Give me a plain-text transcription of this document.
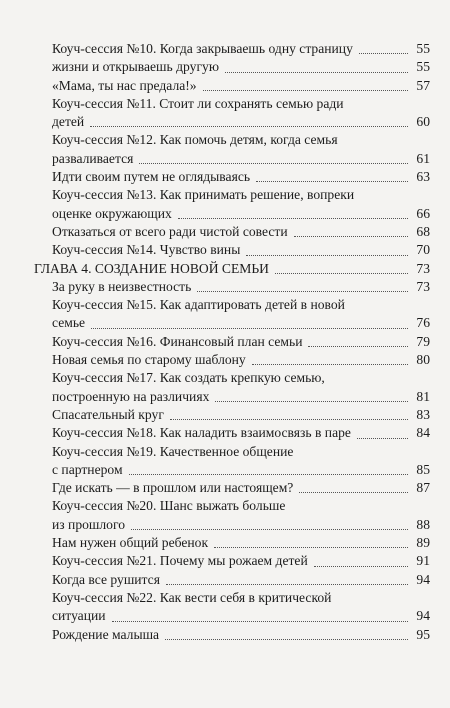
Коуч-сессия №10. Когда закрываешь одну страницу	55
жизни и открываешь другую	55
«Мама, ты нас предала!»	57
Коуч-сессия №11. Стоит ли сохранять семью ради
детей	60
Коуч-сессия №12. Как помочь детям, когда семья
разваливается	61
Идти своим путем не оглядываясь	63
Коуч-сессия №13. Как принимать решение, вопреки
оценке окружающих	66
Отказаться от всего ради чистой совести	68
Коуч-сессия №14. Чувство вины	70
ГЛАВА 4. СОЗДАНИЕ НОВОЙ СЕМЬИ	73
За руку в неизвестность	73
Коуч-сессия №15. Как адаптировать детей в новой
семье	76
Коуч-сессия №16. Финансовый план семьи	79
Новая семья по старому шаблону	80
Коуч-сессия №17. Как создать крепкую семью,
построенную на различиях	81
Спасательный круг	83
Коуч-сессия №18. Как наладить взаимосвязь в паре	84
Коуч-сессия №19. Качественное общение
с партнером	85
Где искать — в прошлом или настоящем?	87
Коуч-сессия №20. Шанс выжать больше
из прошлого	88
Нам нужен общий ребенок	89
Коуч-сессия №21. Почему мы рожаем детей	91
Когда все рушится	94
Коуч-сессия №22. Как вести себя в критической
ситуации	94
Рождение малыша	95
